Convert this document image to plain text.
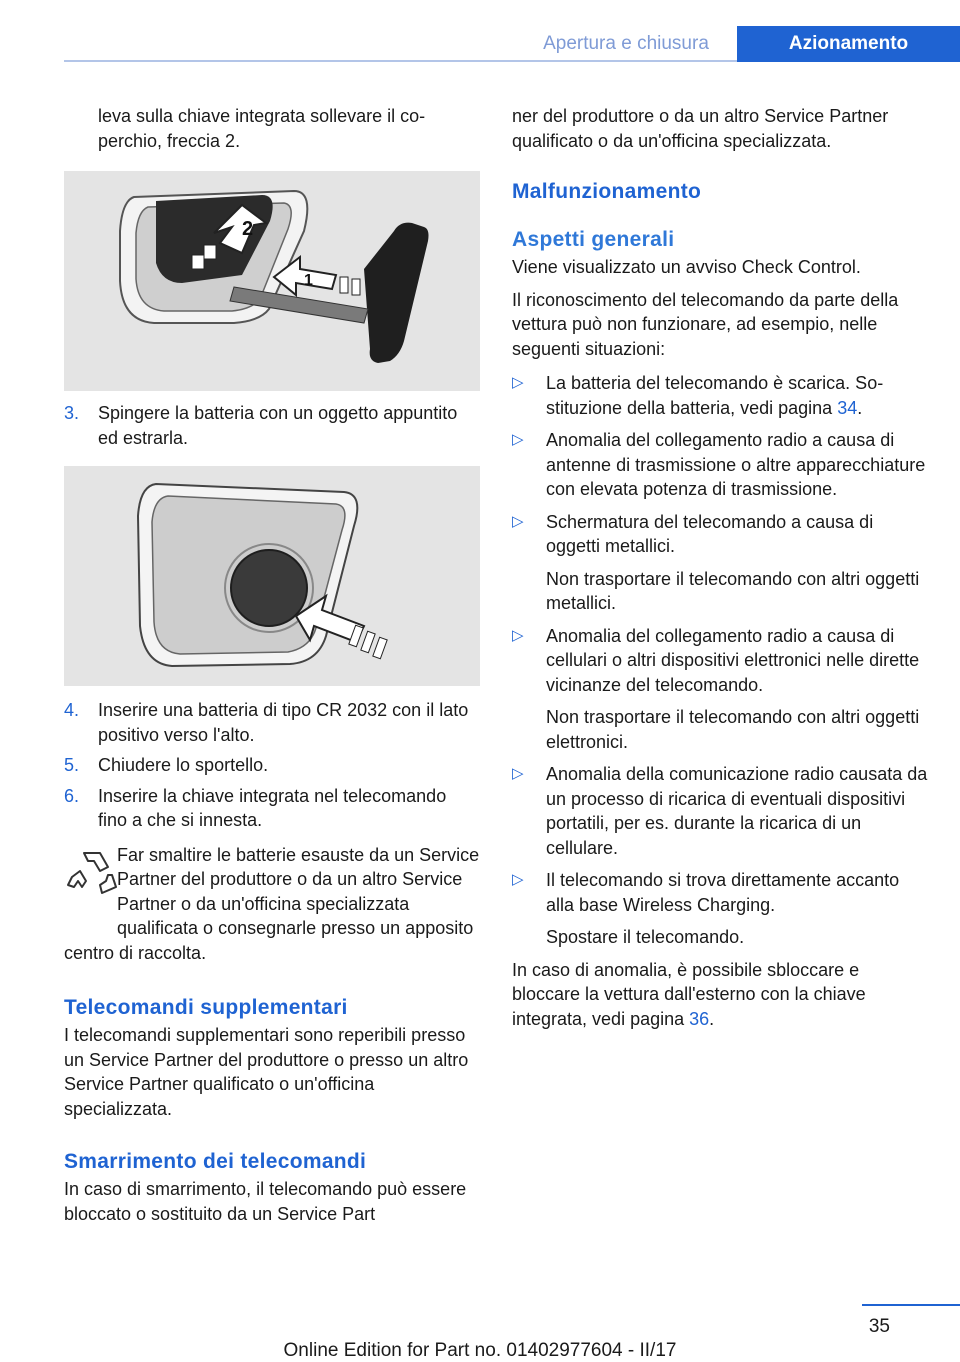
Apertura e chiusura	Azionamento

leva sulla chiave integrata sollevare il coperchio, freccia 2.

2
1
3.	Spingere la batteria con un oggetto appuntito ed estrarla.
4.	Inserire una batteria di tipo CR 2032 con il lato positivo verso l'alto.
5.	Chiudere lo sportello.
6.	Inserire la chiave integrata nel telecomando fino a che si innesta.

Far smaltire le batterie esauste da un Service Partner del produttore o da un altro Service Partner o da un'officina specializzata qualificata o consegnarle presso un apposito centro di raccolta.

Telecomandi supplementari

I telecomandi supplementari sono reperibili presso un Service Partner del produttore o presso un altro Service Partner qualificato o un'officina specializzata.

Smarrimento dei telecomandi

In caso di smarrimento, il telecomando può essere bloccato o sostituito da un Service Part

ner del produttore o da un altro Service Partner qualificato o da un'officina specializzata.

Malfunzionamento
Aspetti generali

Viene visualizzato un avviso Check Control.

Il riconoscimento del telecomando da parte della vettura può non funzionare, ad esempio, nelle seguenti situazioni:

▷	La batteria del telecomando è scarica. Sostituzione della batteria, vedi pagina 34.
▷	Anomalia del collegamento radio a causa di antenne di trasmissione o altre apparecchiature con elevata potenza di trasmissione.
▷	Schermatura del telecomando a causa di oggetti metallici.
Non trasportare il telecomando con altri oggetti metallici.
▷	Anomalia del collegamento radio a causa di cellulari o altri dispositivi elettronici nelle dirette vicinanze del telecomando.
Non trasportare il telecomando con altri oggetti elettronici.
▷	Anomalia della comunicazione radio causata da un processo di ricarica di eventuali dispositivi portatili, per es. durante la ricarica di un cellulare.
▷	Il telecomando si trova direttamente accanto alla base Wireless Charging.
Spostare il telecomando.

In caso di anomalia, è possibile sbloccare e bloccare la vettura dall'esterno con la chiave integrata, vedi pagina 36.

35
Online Edition for Part no. 01402977604 - II/17
